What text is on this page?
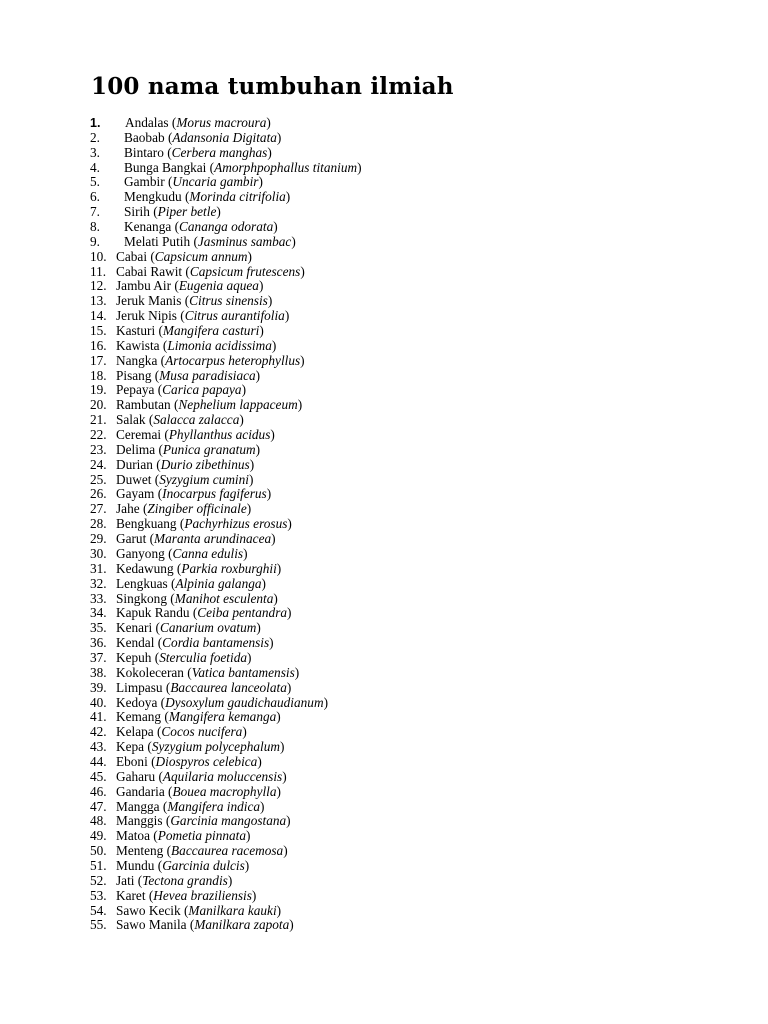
100 nama tumbuhan ilmiah
1. Andalas (Morus macroura)
2. Baobab (Adansonia Digitata)
3. Bintaro (Cerbera manghas)
4. Bunga Bangkai (Amorphpophallus titanium)
5. Gambir (Uncaria gambir)
6. Mengkudu (Morinda citrifolia)
7. Sirih (Piper betle)
8. Kenanga (Cananga odorata)
9. Melati Putih (Jasminus sambac)
10. Cabai (Capsicum annum)
11. Cabai Rawit (Capsicum frutescens)
12. Jambu Air (Eugenia aquea)
13. Jeruk Manis (Citrus sinensis)
14. Jeruk Nipis (Citrus aurantifolia)
15. Kasturi (Mangifera casturi)
16. Kawista (Limonia acidissima)
17. Nangka (Artocarpus heterophyllus)
18. Pisang (Musa paradisiaca)
19. Pepaya (Carica papaya)
20. Rambutan (Nephelium lappaceum)
21. Salak (Salacca zalacca)
22. Ceremai (Phyllanthus acidus)
23. Delima (Punica granatum)
24. Durian (Durio zibethinus)
25. Duwet (Syzygium cumini)
26. Gayam (Inocarpus fagiferus)
27. Jahe (Zingiber officinale)
28. Bengkuang (Pachyrhizus erosus)
29. Garut (Maranta arundinacea)
30. Ganyong (Canna edulis)
31. Kedawung (Parkia roxburghii)
32. Lengkuas (Alpinia galanga)
33. Singkong (Manihot esculenta)
34. Kapuk Randu (Ceiba pentandra)
35. Kenari (Canarium ovatum)
36. Kendal (Cordia bantamensis)
37. Kepuh (Sterculia foetida)
38. Kokoleceran (Vatica bantamensis)
39. Limpasu (Baccaurea lanceolata)
40. Kedoya (Dysoxylum gaudichaudianum)
41. Kemang (Mangifera kemanga)
42. Kelapa (Cocos nucifera)
43. Kepa (Syzygium polycephalum)
44. Eboni (Diospyros celebica)
45. Gaharu (Aquilaria moluccensis)
46. Gandaria (Bouea macrophylla)
47. Mangga (Mangifera indica)
48. Manggis (Garcinia mangostana)
49. Matoa (Pometia pinnata)
50. Menteng (Baccaurea racemosa)
51. Mundu (Garcinia dulcis)
52. Jati (Tectona grandis)
53. Karet (Hevea braziliensis)
54. Sawo Kecik (Manilkara kauki)
55. Sawo Manila (Manilkara zapota)
